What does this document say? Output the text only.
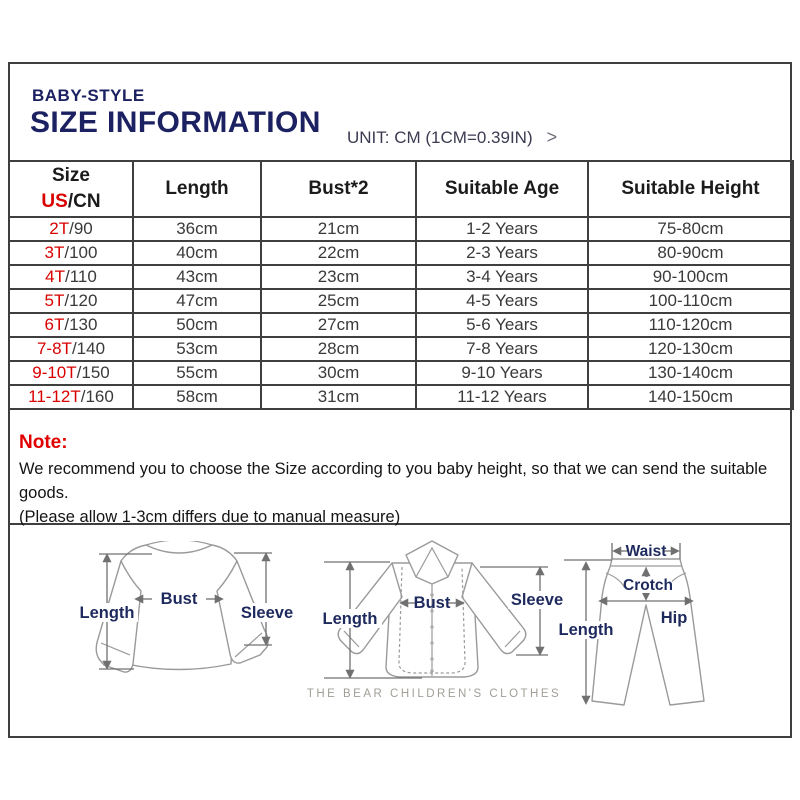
BABY-STYLE
SIZE INFORMATION UNIT: CM (1CM=0.39IN) >
Size
US/CN	Length	Bust*2	Suitable Age	Suitable Height
2T/90	36cm	21cm	1-2 Years	75-80cm
3T/100	40cm	22cm	2-3 Years	80-90cm
4T/110	43cm	23cm	3-4 Years	90-100cm
5T/120	47cm	25cm	4-5 Years	100-110cm
6T/130	50cm	27cm	5-6 Years	110-120cm
7-8T/140	53cm	28cm	7-8 Years	120-130cm
9-10T/150	55cm	30cm	9-10 Years	130-140cm
11-12T/160	58cm	31cm	11-12 Years	140-150cm
Note:
We recommend you to choose the Size according to you baby height, so that we can send the suitable goods.
(Please allow 1-3cm differs due to manual measure)
Length
Bust
Sleeve Length
Bust	Sleeve
THE BEAR CHILDREN'S CLOTHES
Waist
Length
Crotch
Hip
